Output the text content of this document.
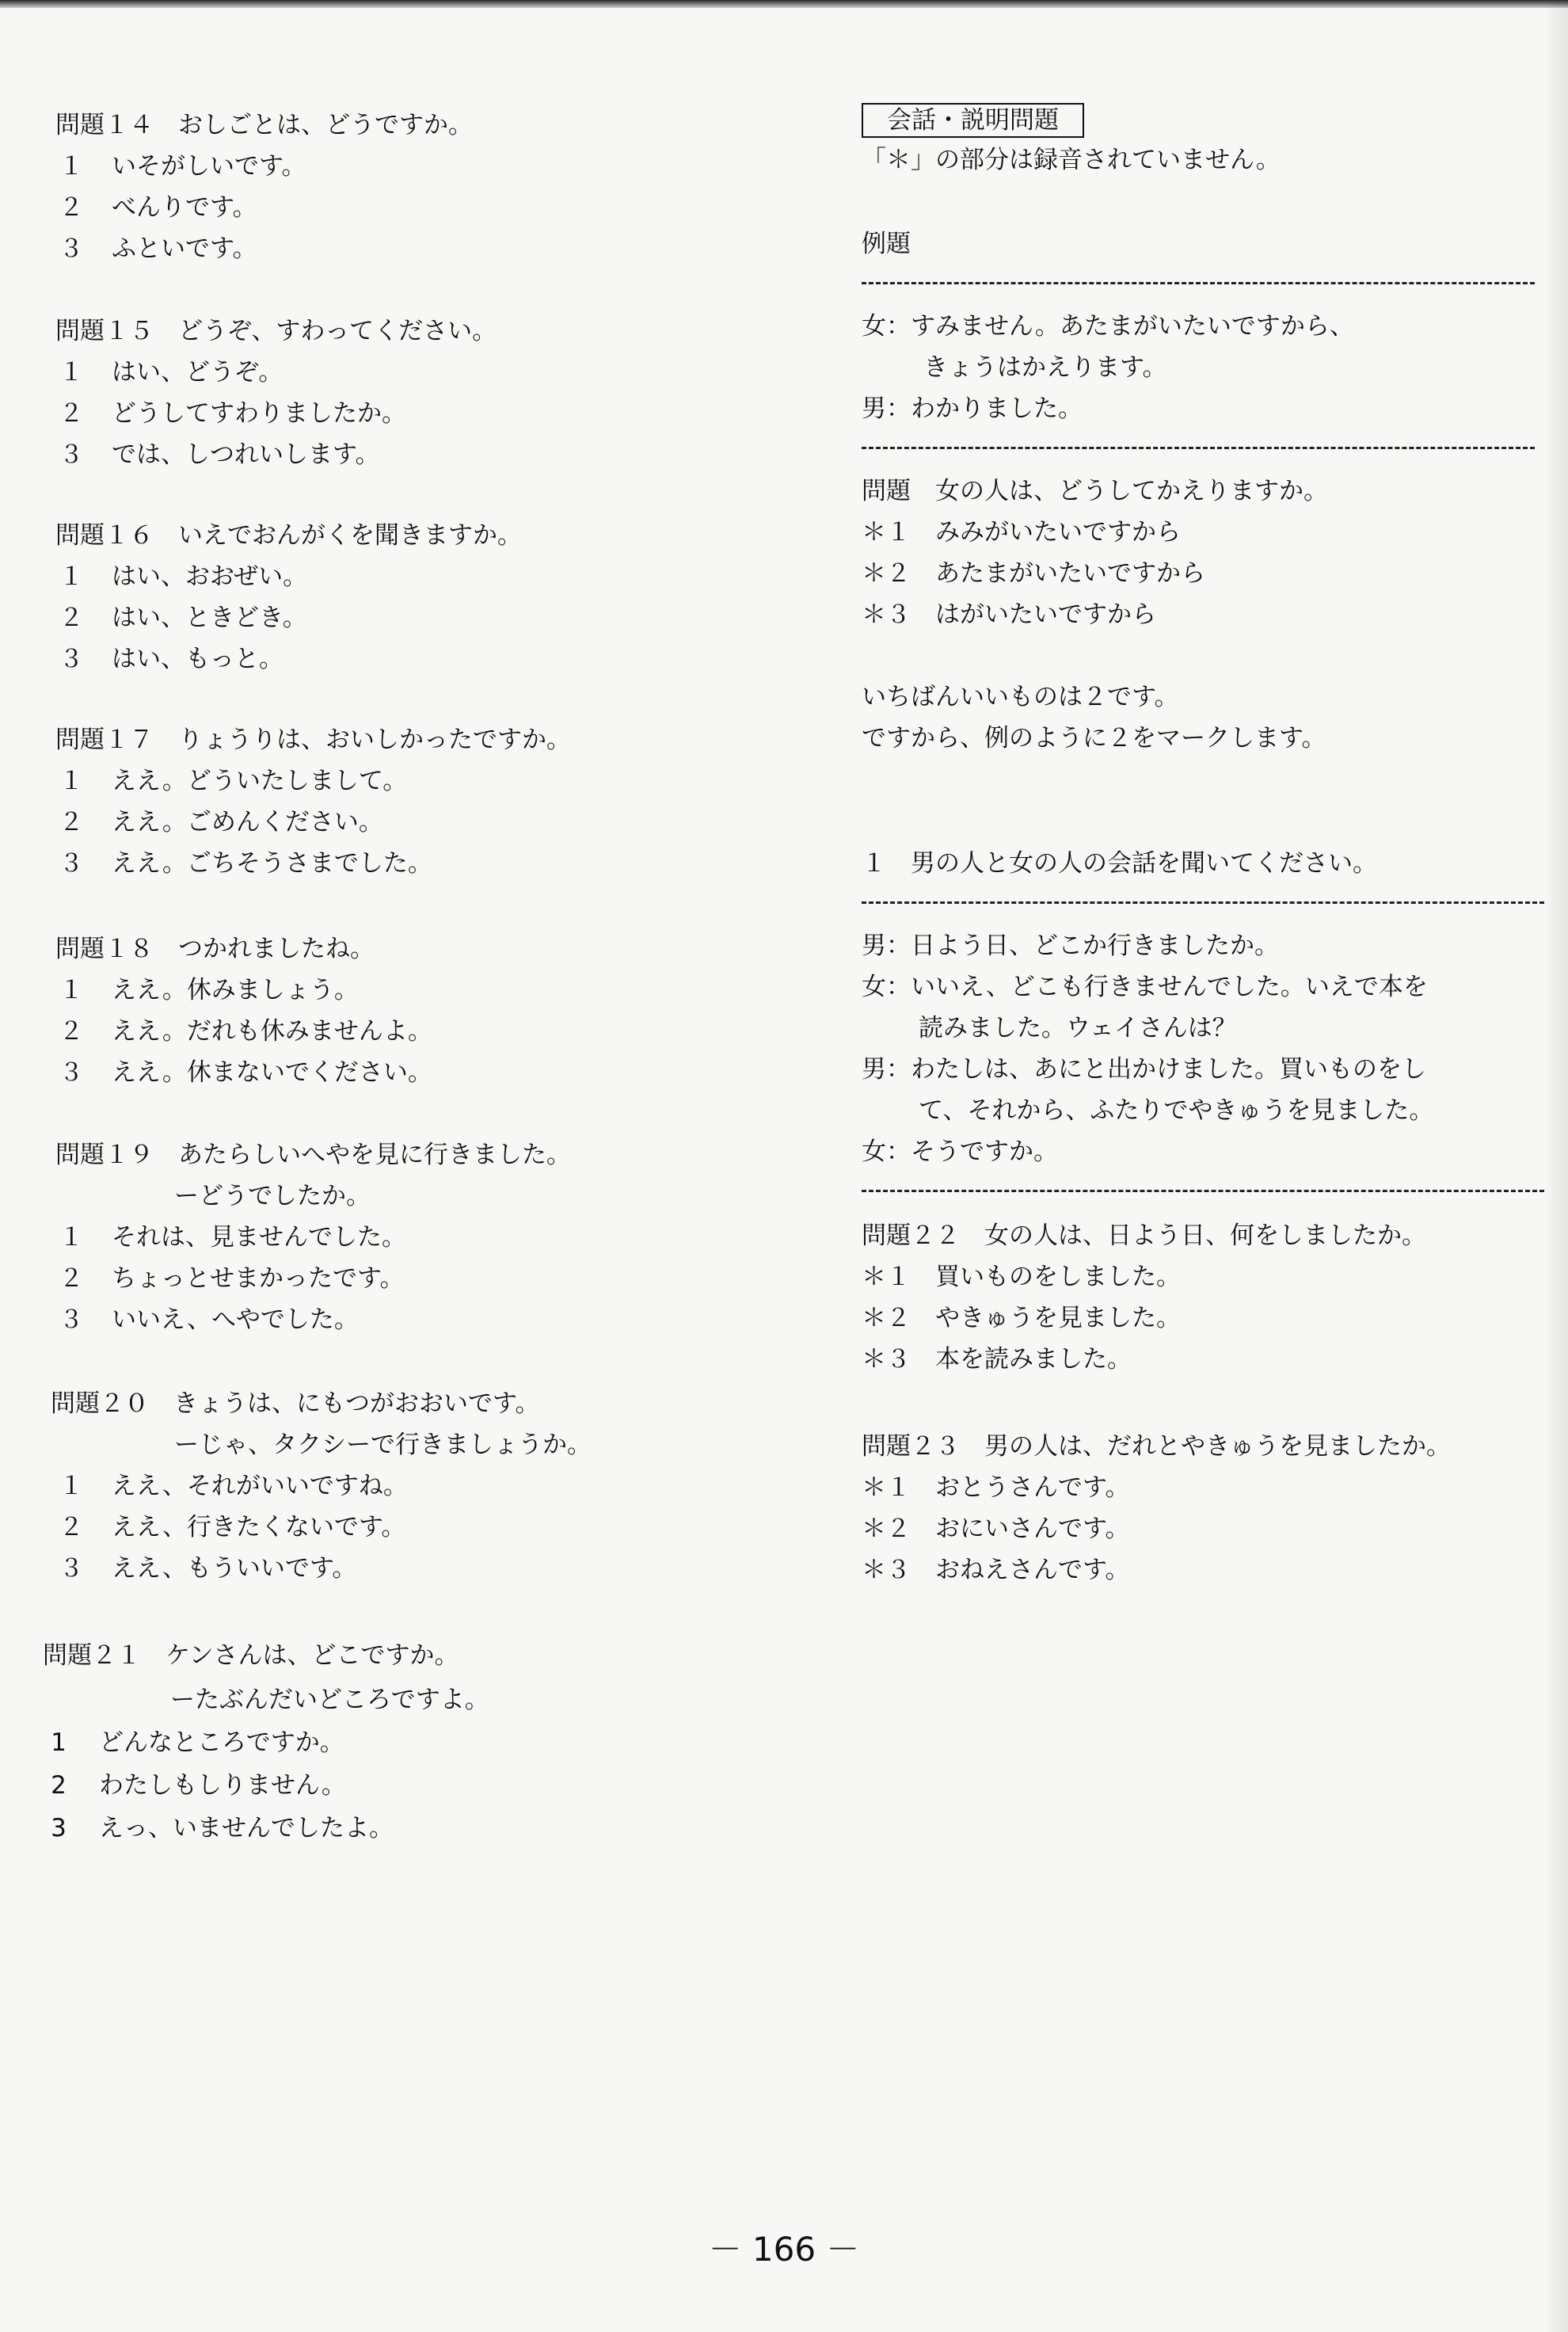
問題１４　おしごとは、どうですか。
１　 いそがしいです。
２　 べんりです。
３　 ふといです。
問題１５　どうぞ、すわってください。
１　 はい、どうぞ。
２　 どうしてすわりましたか。
３　 では、しつれいします。
問題１６　いえでおんがくを聞きますか。
１　 はい、おおぜい。
２　 はい、ときどき。
３　 はい、もっと。
問題１７　りょうりは、おいしかったですか。
１　 ええ。どういたしまして。
２　 ええ。ごめんください。
３　 ええ。ごちそうさまでした。
問題１８　つかれましたね。
１　 ええ。休みましょう。
２　 ええ。だれも休みませんよ。
３　 ええ。休まないでください。
問題１９　あたらしいへやを見に行きました。
ーどうでしたか。
１　 それは、見ませんでした。
２　 ちょっとせまかったです。
３　 いいえ、へやでした。
問題２０　きょうは、にもつがおおいです。
ーじゃ、タクシーで行きましょうか。
１　 ええ、それがいいですね。
２　 ええ、行きたくないです。
３　 ええ、もういいです。
問題２１　ケンさんは、どこですか。
ーたぶんだいどころですよ。
1　 どんなところですか。
2　 わたしもしりません。
3　 えっ、いませんでしたよ。
会話・説明問題
「＊」の部分は録音されていません。
例題
女：すみません。あたまがいたいですから、
きょうはかえります。
男：わかりました。
問題　女の人は、どうしてかえりますか。
＊１　みみがいたいですから
＊２　あたまがいたいですから
＊３　はがいたいですから
いちばんいいものは２です。
ですから、例のように２をマークします。
１　男の人と女の人の会話を聞いてください。
男：日よう日、どこか行きましたか。
女：いいえ、どこも行きませんでした。いえで本を
読みました。ウェイさんは？
男：わたしは、あにと出かけました。買いものをし
て、それから、ふたりでやきゅうを見ました。
女：そうですか。
問題２２　女の人は、日よう日、何をしましたか。
＊１　買いものをしました。
＊２　やきゅうを見ました。
＊３　本を読みました。
問題２３　男の人は、だれとやきゅうを見ましたか。
＊１　おとうさんです。
＊２　おにいさんです。
＊３　おねえさんです。
－ 166 －
